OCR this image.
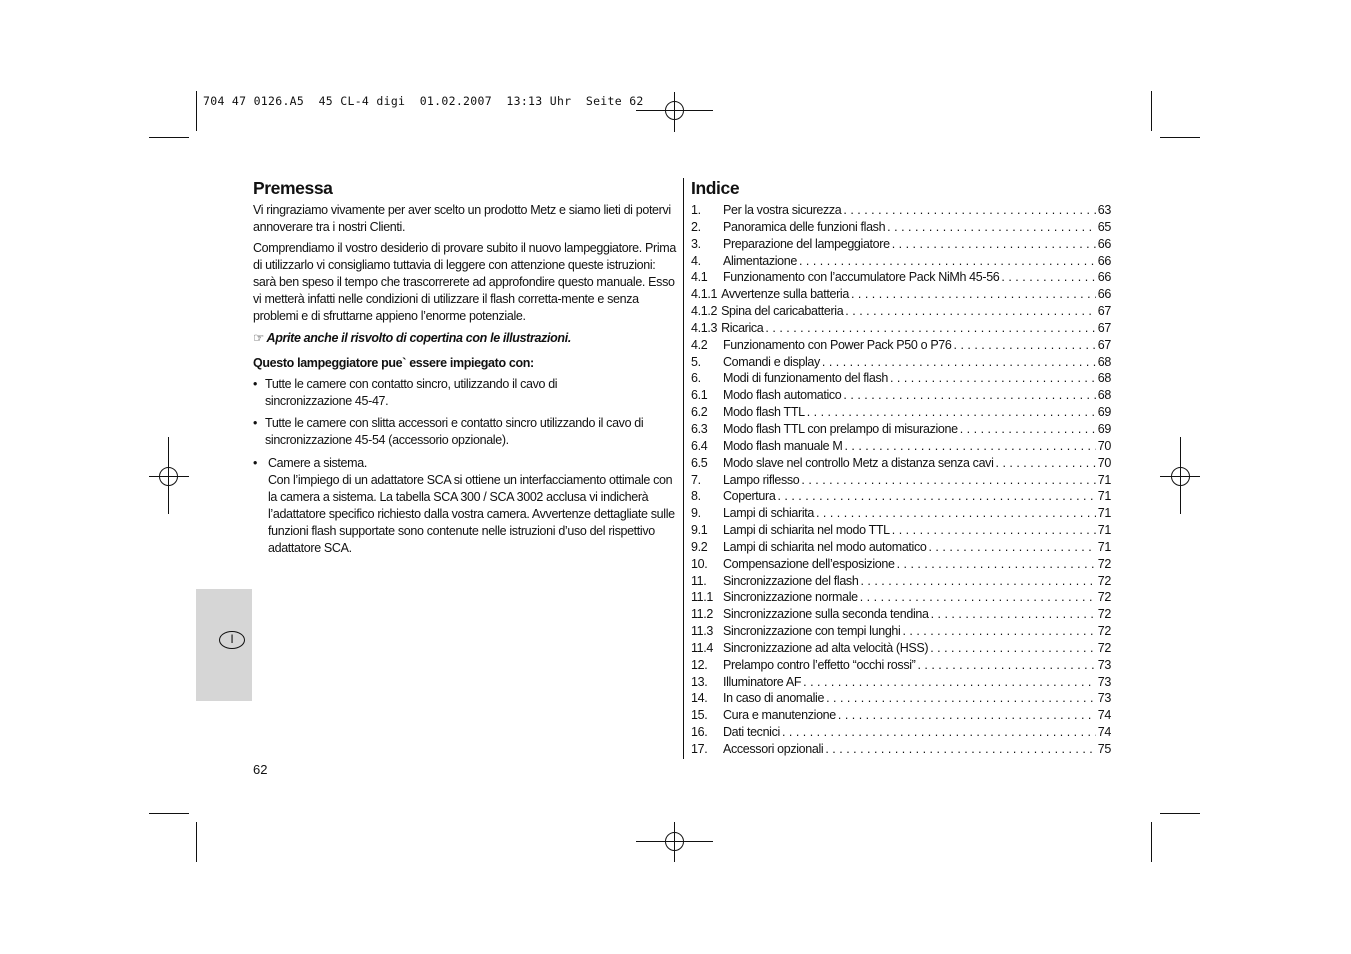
704 47 0126.A5  45 CL-4 digi  01.02.2007  13:13 Uhr  Seite 62
Premessa

Vi ringraziamo vivamente per aver scelto un prodotto Metz e siamo lieti di potervi annoverare tra i nostri Clienti.

Comprendiamo il vostro desiderio di provare subito il nuovo lampeggiatore. Prima di utilizzarlo vi consigliamo tuttavia di leggere con attenzione queste istruzioni: sarà ben speso il tempo che trascorrerete ad approfondire questo manuale. Esso vi metterà infatti nelle condizioni di utilizzare il flash corretta-mente e senza problemi e di sfruttarne appieno l’enorme potenziale.

☞ Aprite anche il risvolto di copertina con le illustrazioni.

Questo lampeggiatore pue` essere impiegato con:

• Tutte le camere con contatto sincro, utilizzando il cavo di sincronizzazione 45-47.
• Tutte le camere con slitta accessori e contatto sincro utilizzando il cavo di sincronizzazione 45-54 (accessorio opzionale).
• Camere a sistema.
Con l’impiego di un adattatore SCA si ottiene un interfacciamento ottimale con la camera a sistema. La tabella SCA 300 / SCA 3002 acclusa vi indicherà l’adattatore specifico richiesto dalla vostra camera. Avvertenze dettagliate sulle funzioni flash supportate sono contenute nelle istruzioni d’uso del rispettivo adattatore SCA.
Indice
1.	Per la vostra sicurezza . . .	63
2.	Panoramica delle funzioni flash . . .	65
3.	Preparazione del lampeggiatore . . .	66
4.	Alimentazione . . .	66
4.1	Funzionamento con l’accumulatore Pack NiMh 45-56 . . .	66
4.1.1 Avvertenze sulla batteria . . .	66
4.1.2 Spina del caricabatteria . . .	67
4.1.3 Ricarica . . .	67
4.2	Funzionamento con Power Pack P50 o P76 . . .	67
5.	Comandi e display . . .	68
6.	Modi di funzionamento del flash . . .	68
6.1	Modo flash automatico . . .	68
6.2	Modo flash TTL . . .	69
6.3	Modo flash TTL con prelampo di misurazione . . .	69
6.4	Modo flash manuale M . . .	70
6.5	Modo slave nel controllo Metz a distanza senza cavi . . .	70
7.	Lampo riflesso . . .	71
8.	Copertura . . .	71
9.	Lampi di schiarita . . .	71
9.1	Lampi di schiarita nel modo TTL . . .	71
9.2	Lampi di schiarita nel modo automatico . . .	71
10.	Compensazione dell’esposizione . . .	72
11.	Sincronizzazione del flash . . .	72
11.1 Sincronizzazione normale . . .	72
11.2 Sincronizzazione sulla seconda tendina . . .	72
11.3 Sincronizzazione con tempi lunghi . . .	72
11.4 Sincronizzazione ad alta velocità (HSS) . . .	72
12.	Prelampo contro l’effetto “occhi rossi” . . .	73
13.	Illuminatore AF . . .	73
14.	In caso di anomalie . . .	73
15.	Cura e manutenzione . . .	74
16.	Dati tecnici . . .	74
17.	Accessori opzionali . . .	75
I
62
